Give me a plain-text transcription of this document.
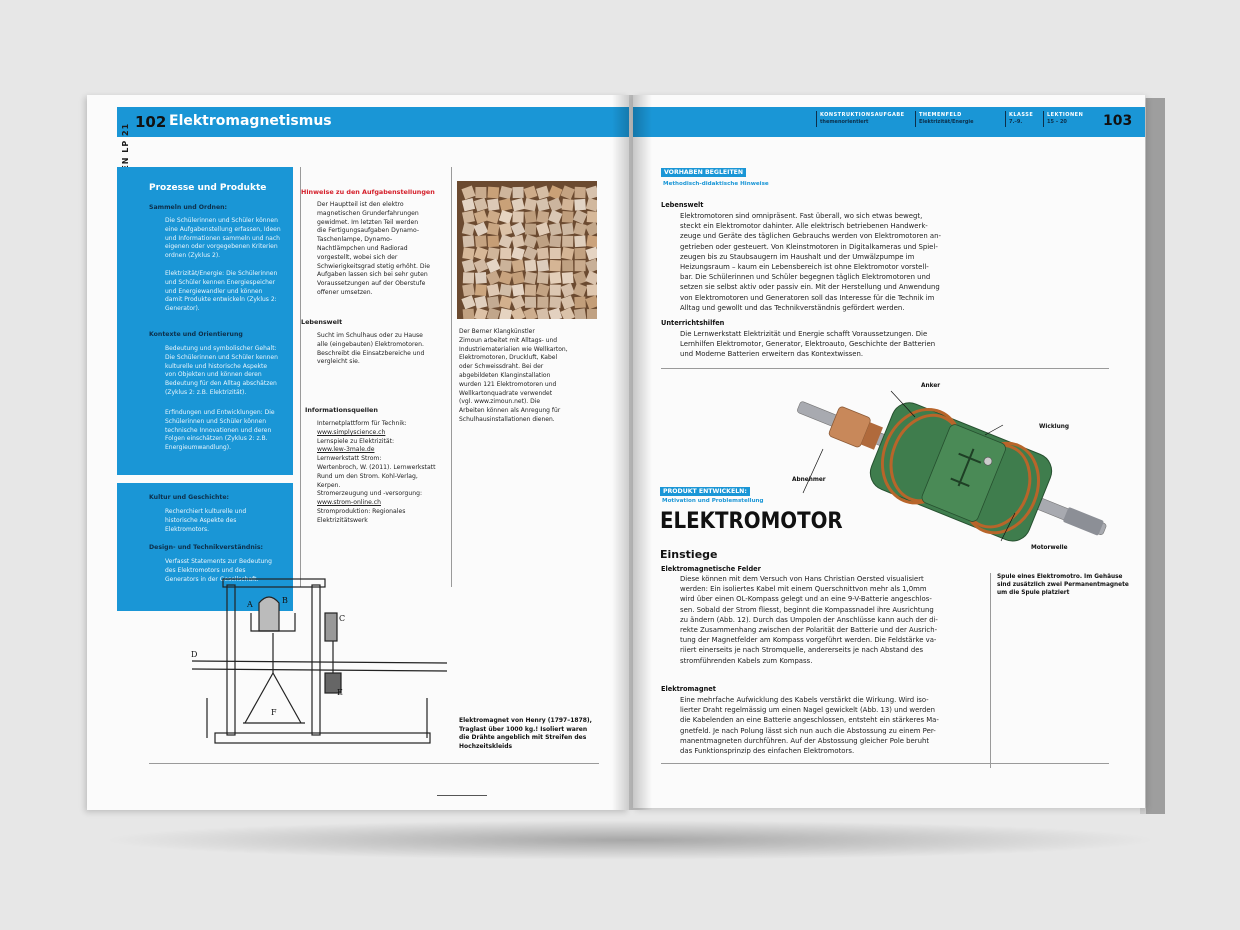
102 Elektromagnetismus
Prozesse und Produkte
Sammeln und Ordnen:
Die Schülerinnen und Schüler können
eine Aufgabenstellung erfassen, Ideen
und Informationen sammeln und nach
eigenen oder vorgegebenen Kriterien
ordnen (Zyklus 2).
Elektrizität/Energie: Die Schülerinnen
und Schüler kennen Energiespeicher
und Energiewandler und können
damit Produkte entwickeln (Zyklus 2:
Generator).
Kontexte und Orientierung
Bedeutung und symbolischer Gehalt:
Die Schülerinnen und Schüler kennen
kulturelle und historische Aspekte
von Objekten und können deren
Bedeutung für den Alltag abschätzen
(Zyklus 2: z.B. Elektrizität).
Erfindungen und Entwicklungen: Die
Schülerinnen und Schüler können
technische Innovationen und deren
Folgen einschätzen (Zyklus 2: z.B.
Energieumwandlung).
Kultur und Geschichte:
Recherchiert kulturelle und
historische Aspekte des
Elektromotors.
Design- und Technikverständnis:
Verfasst Statements zur Bedeutung
des Elektromotors und des
Generators in der Gesellschaft.
Hinweise zu den Aufgabenstellungen
Der Hauptteil ist den elektro
magnetischen Grunderfahrungen
gewidmet. Im letzten Teil werden
die Fertigungsaufgaben Dynamo-
Taschenlampe, Dynamo-
Nachtlämpchen und Radiorad
vorgestellt, wobei sich der
Schwierigkeitsgrad stetig erhöht. Die
Aufgaben lassen sich bei sehr guten
Voraussetzungen auf der Oberstufe
offener umsetzen.
Lebenswelt
Sucht im Schulhaus oder zu Hause
alle (eingebauten) Elektromotoren.
Beschreibt die Einsatzbereiche und
vergleicht sie.
Informationsquellen
Internetplattform für Technik:
www.simplyscience.ch
Lernspiele zu Elektrizität:
www.lew-3male.de
Lernwerkstatt Strom:
Wertenbroch, W. (2011). Lernwerkstatt
Rund um den Strom. Kohl-Verlag,
Kerpen.
Stromerzeugung und -versorgung:
www.strom-online.ch
Stromproduktion: Regionales
Elektrizitätswerk
Der Berner Klangkünstler
Zimoun arbeitet mit Alltags- und
Industriematerialien wie Wellkarton,
Elektromotoren, Druckluft, Kabel
oder Schweissdraht. Bei der
abgebildeten Klanginstallation
wurden 121 Elektromotoren und
Wellkartonquadrate verwendet
(vgl. www.zimoun.net). Die
Arbeiten können als Anregung für
Schulhausinstallationen dienen.
D
A	B
C
E
F
Elektromagnet von Henry (1797–1878),
Traglast über 1000 kg.! Isoliert waren
die Drähte angeblich mit Streifen des
Hochzeitskleids
KONSTRUKTIONSAUFGABE
themenorientiert
THEMENFELD
Elektrizität/Energie
KLASSE
7.–9.
LEKTIONEN
15 – 20	103
VORHABEN BEGLEITEN
Methodisch-didaktische Hinweise
Lebenswelt
Elektromotoren sind omnipräsent. Fast überall, wo sich etwas bewegt,
steckt ein Elektromotor dahinter. Alle elektrisch betriebenen Handwerk-
zeuge und Geräte des täglichen Gebrauchs werden von Elektromotoren an-
getrieben oder gesteuert. Von Kleinstmotoren in Digitalkameras und Spiel-
zeugen bis zu Staubsaugern im Haushalt und der Umwälzpumpe im
Heizungsraum – kaum ein Lebensbereich ist ohne Elektromotor vorstell-
bar. Die Schülerinnen und Schüler begegnen täglich Elektromotoren und
setzen sie selbst aktiv oder passiv ein. Mit der Herstellung und Anwendung
von Elektromotoren und Generatoren soll das Interesse für die Technik im
Alltag und gewollt und das Technikverständnis gefördert werden.
Unterrichtshilfen
Die Lernwerkstatt Elektrizität und Energie schafft Voraussetzungen. Die
Lernhilfen Elektromotor, Generator, Elektroauto, Geschichte der Batterien
und Moderne Batterien erweitern das Kontextwissen.
Anker
Wicklung
Abnehmer
Motorwelle
PRODUKT ENTWICKELN:
Motivation und Problemstellung
ELEKTROMOTOR
Einstiege
Spule eines Elektromotro. Im Gehäuse
sind zusätzlich zwei Permanentmagnete
um die Spule platziert
Elektromagnetische Felder
Diese können mit dem Versuch von Hans Christian Oersted visualisiert
werden: Ein isoliertes Kabel mit einem Querschnittvon mehr als 1,0mm
wird über einen OL-Kompass gelegt und an eine 9-V-Batterie angeschlos-
sen. Sobald der Strom fliesst, beginnt die Kompassnadel ihre Ausrichtung
zu ändern (Abb. 12). Durch das Umpolen der Anschlüsse kann auch der di-
rekte Zusammenhang zwischen der Polarität der Batterie und der Ausrich-
tung der Magnetfelder am Kompass vorgeführt werden. Die Feldstärke va-
riiert einerseits je nach Stromquelle, andererseits je nach Abstand des
stromführenden Kabels zum Kompass.
Elektromagnet
Eine mehrfache Aufwicklung des Kabels verstärkt die Wirkung. Wird iso-
lierter Draht regelmässig um einen Nagel gewickelt (Abb. 13) und werden
die Kabelenden an eine Batterie angeschlossen, entsteht ein stärkeres Ma-
gnetfeld. Je nach Polung lässt sich nun auch die Abstossung zu einem Per-
manentmagneten durchführen. Auf der Abstossung gleicher Pole beruht
das Funktionsprinzip des einfachen Elektromotors.
